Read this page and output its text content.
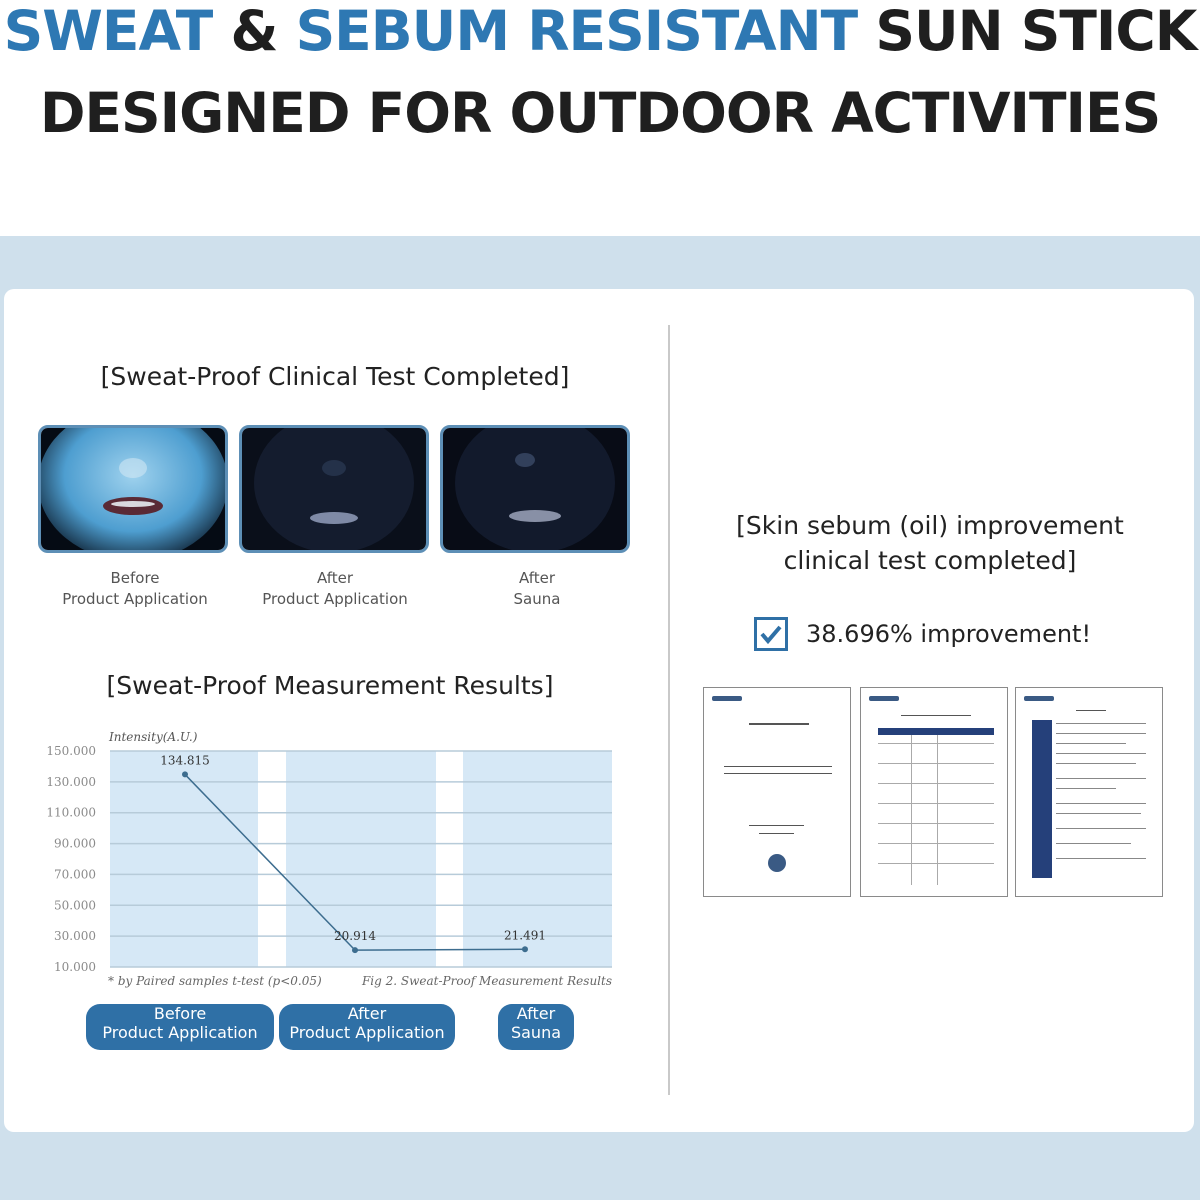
SWEAT & SEBUM RESISTANT SUN STICK
DESIGNED FOR OUTDOOR ACTIVITIES
[Sweat-Proof Clinical Test Completed]
Before
Product Application
After
Product Application
After
Sauna
[Sweat-Proof Measurement Results]
150.000
130.000
110.000
90.000
70.000
50.000
30.000
10.000
Intensity(A.U.)
134.815
20.914	21.491
* by Paired samples t-test (p<0.05)	Fig 2. Sweat-Proof Measurement Results
Before
Product Application
After
Product Application
After
Sauna
[Skin sebum (oil) improvement
clinical test completed]
38.696% improvement!
